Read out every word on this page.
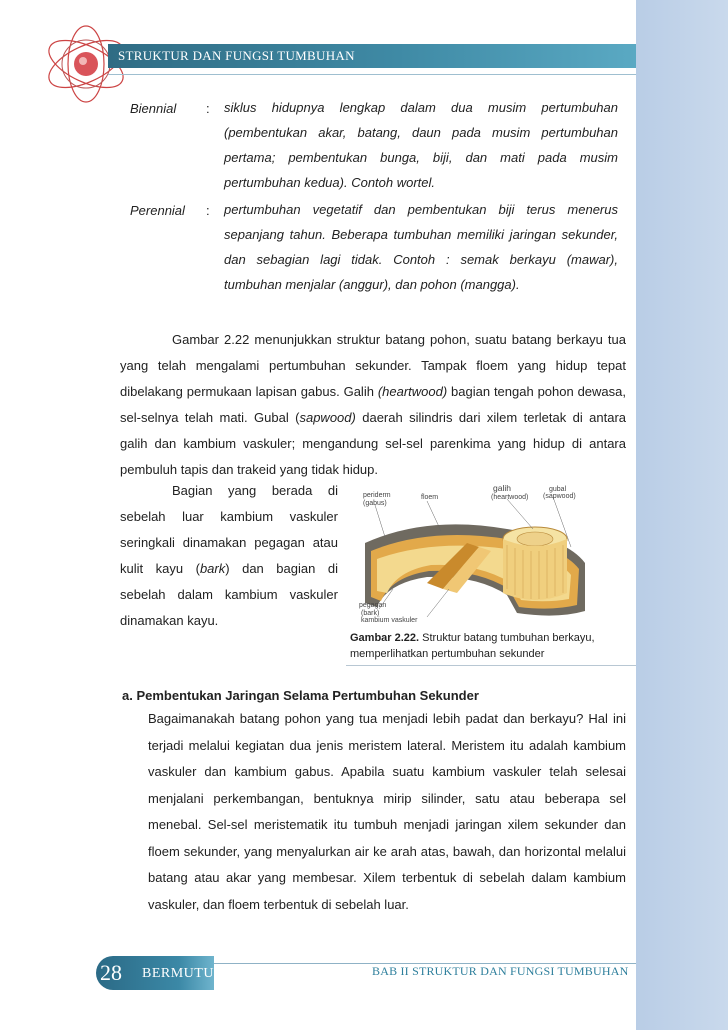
STRUKTUR DAN FUNGSI TUMBUHAN
Biennial : siklus hidupnya lengkap dalam dua musim pertumbuhan (pembentukan akar, batang, daun pada musim pertumbuhan pertama; pembentukan bunga, biji, dan mati pada musim pertumbuhan kedua). Contoh wortel.
Perennial : pertumbuhan vegetatif dan pembentukan biji terus menerus sepanjang tahun. Beberapa tumbuhan memiliki jaringan sekunder, dan sebagian lagi tidak. Contoh : semak berkayu (mawar), tumbuhan menjalar (anggur), dan pohon (mangga).
Gambar 2.22 menunjukkan struktur batang pohon, suatu batang berkayu tua yang telah mengalami pertumbuhan sekunder. Tampak floem yang hidup tepat dibelakang permukaan lapisan gabus. Galih (heartwood) bagian tengah pohon dewasa, sel-selnya telah mati. Gubal (sapwood) daerah silindris dari xilem terletak di antara galih dan kambium vaskuler; mengandung sel-sel parenkima yang hidup di antara pembuluh tapis dan trakeid yang tidak hidup.
Bagian yang berada di sebelah luar kambium vaskuler seringkali dinamakan pegagan atau kulit kayu (bark) dan bagian di sebelah dalam kambium vaskuler dinamakan kayu.
periderm
(gabus)
floem
galih
(heartwood)
gubal
(sapwood)
pegagan
(bark)
kambium vaskuler
Gambar 2.22. Struktur batang tumbuhan berkayu, memperlihatkan pertumbuhan sekunder
a. Pembentukan Jaringan Selama Pertumbuhan Sekunder
Bagaimanakah batang pohon yang tua menjadi lebih padat dan berkayu? Hal ini terjadi melalui kegiatan dua jenis meristem lateral. Meristem itu adalah kambium vaskuler dan kambium gabus. Apabila suatu kambium vaskuler telah selesai menjalani perkembangan, bentuknya mirip silinder, satu atau beberapa sel menebal. Sel-sel meristematik itu tumbuh menjadi jaringan xilem sekunder dan floem sekunder, yang menyalurkan air ke arah atas, bawah, dan horizontal melalui batang atau akar yang membesar. Xilem terbentuk di sebelah dalam kambium vaskuler, dan floem terbentuk di sebelah luar.
28 BERMUTU	BAB II STRUKTUR DAN FUNGSI TUMBUHAN
